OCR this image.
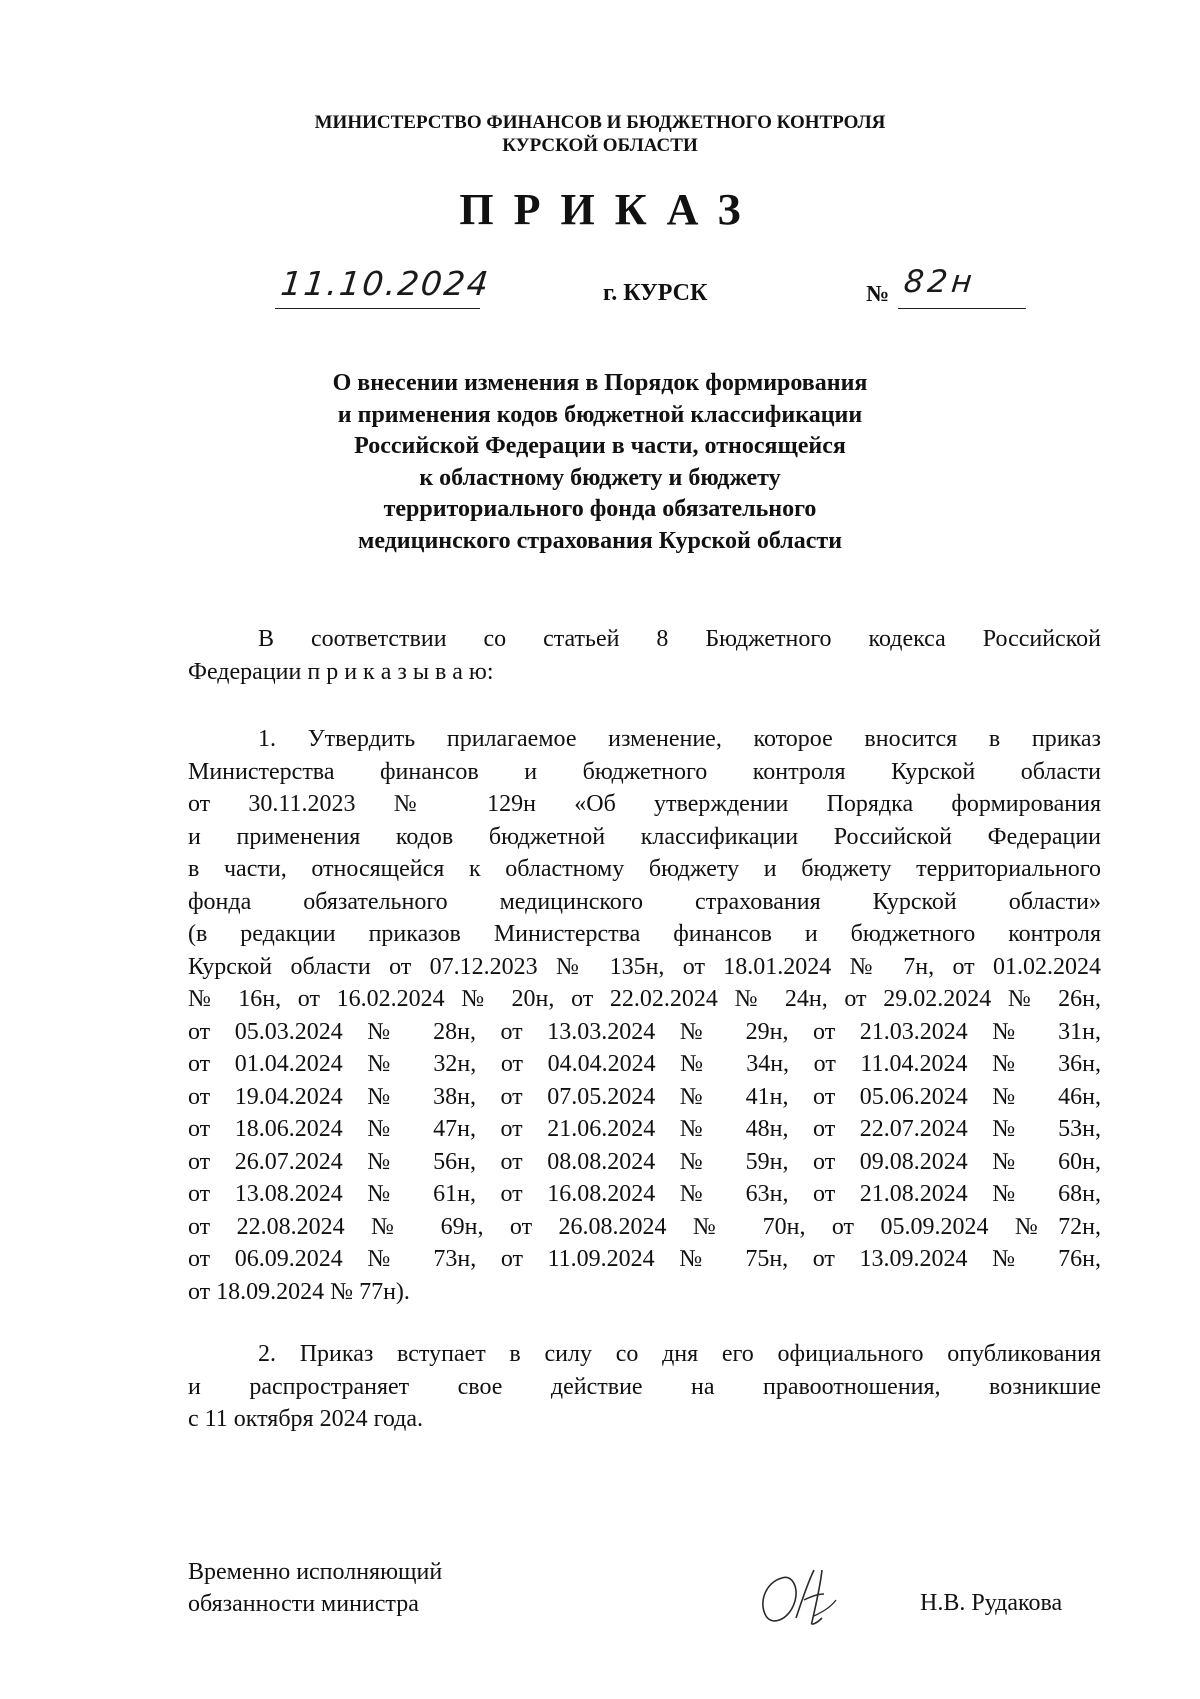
МИНИСТЕРСТВО ФИНАНСОВ И БЮДЖЕТНОГО КОНТРОЛЯ
КУРСКОЙ ОБЛАСТИ
ПРИКАЗ
11.10.2024	г. КУРСК	№ 82н
О внесении изменения в Порядок формирования
и применения кодов бюджетной классификации
Российской Федерации в части, относящейся
к областному бюджету и бюджету
территориального фонда обязательного
медицинского страхования Курской области
В соответствии со статьей 8 Бюджетного кодекса Российской
Федерации п р и к а з ы в а ю:
1. Утвердить прилагаемое изменение, которое вносится в приказ
Министерства финансов и бюджетного контроля Курской области
от 30.11.2023 № 129н «Об утверждении Порядка формирования
и применения кодов бюджетной классификации Российской Федерации
в части, относящейся к областному бюджету и бюджету территориального
фонда обязательного медицинского страхования Курской области»
(в редакции приказов Министерства финансов и бюджетного контроля
Курской области от 07.12.2023 № 135н, от 18.01.2024 № 7н, от 01.02.2024
№ 16н, от 16.02.2024 № 20н, от 22.02.2024 № 24н, от 29.02.2024 № 26н,
от 05.03.2024 № 28н, от 13.03.2024 № 29н, от 21.03.2024 № 31н,
от 01.04.2024 № 32н, от 04.04.2024 № 34н, от 11.04.2024 № 36н,
от 19.04.2024 № 38н, от 07.05.2024 № 41н, от 05.06.2024 № 46н,
от 18.06.2024 № 47н, от 21.06.2024 № 48н, от 22.07.2024 № 53н,
от 26.07.2024 № 56н, от 08.08.2024 № 59н, от 09.08.2024 № 60н,
от 13.08.2024 № 61н, от 16.08.2024 № 63н, от 21.08.2024 № 68н,
от 22.08.2024 № 69н, от 26.08.2024 № 70н, от 05.09.2024 №72н,
от 06.09.2024 № 73н, от 11.09.2024 № 75н, от 13.09.2024 № 76н,
от 18.09.2024 № 77н).
2. Приказ вступает в силу со дня его официального опубликования
и распространяет свое действие на правоотношения, возникшие
с 11 октября 2024 года.
Временно исполняющий
обязанности министра	Н.В. Рудакова
